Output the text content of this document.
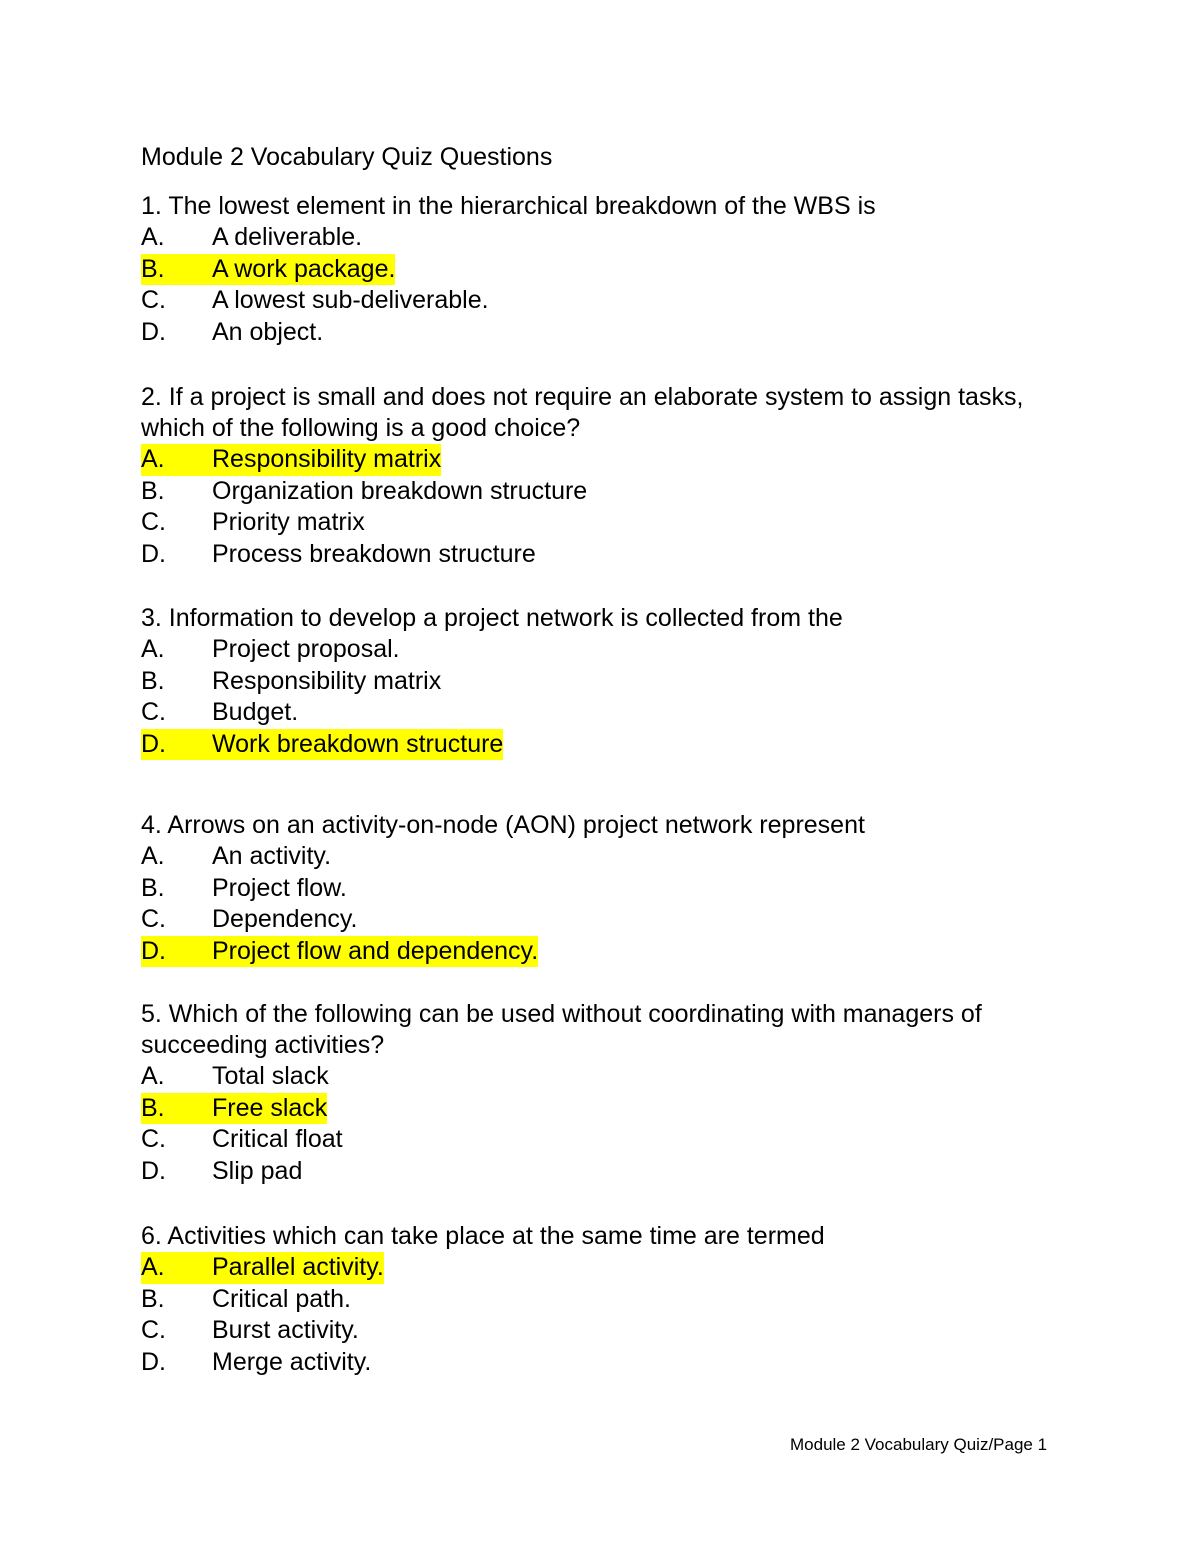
Module 2 Vocabulary Quiz Questions

1. The lowest element in the hierarchical breakdown of the WBS is

A. A deliverable.
B. A work package.
C. A lowest sub-deliverable.
D. An object.

2. If a project is small and does not require an elaborate system to assign tasks, which of the following is a good choice?

A. Responsibility matrix
B. Organization breakdown structure
C. Priority matrix
D. Process breakdown structure

3. Information to develop a project network is collected from the

A. Project proposal.
B. Responsibility matrix
C. Budget.
D. Work breakdown structure

4. Arrows on an activity-on-node (AON) project network represent

A. An activity.
B. Project flow.
C. Dependency.
D. Project flow and dependency.

5. Which of the following can be used without coordinating with managers of succeeding activities?

A. Total slack
B. Free slack
C. Critical float
D. Slip pad

6. Activities which can take place at the same time are termed

A. Parallel activity.
B. Critical path.
C. Burst activity.
D. Merge activity.
Module 2 Vocabulary Quiz/Page 1
